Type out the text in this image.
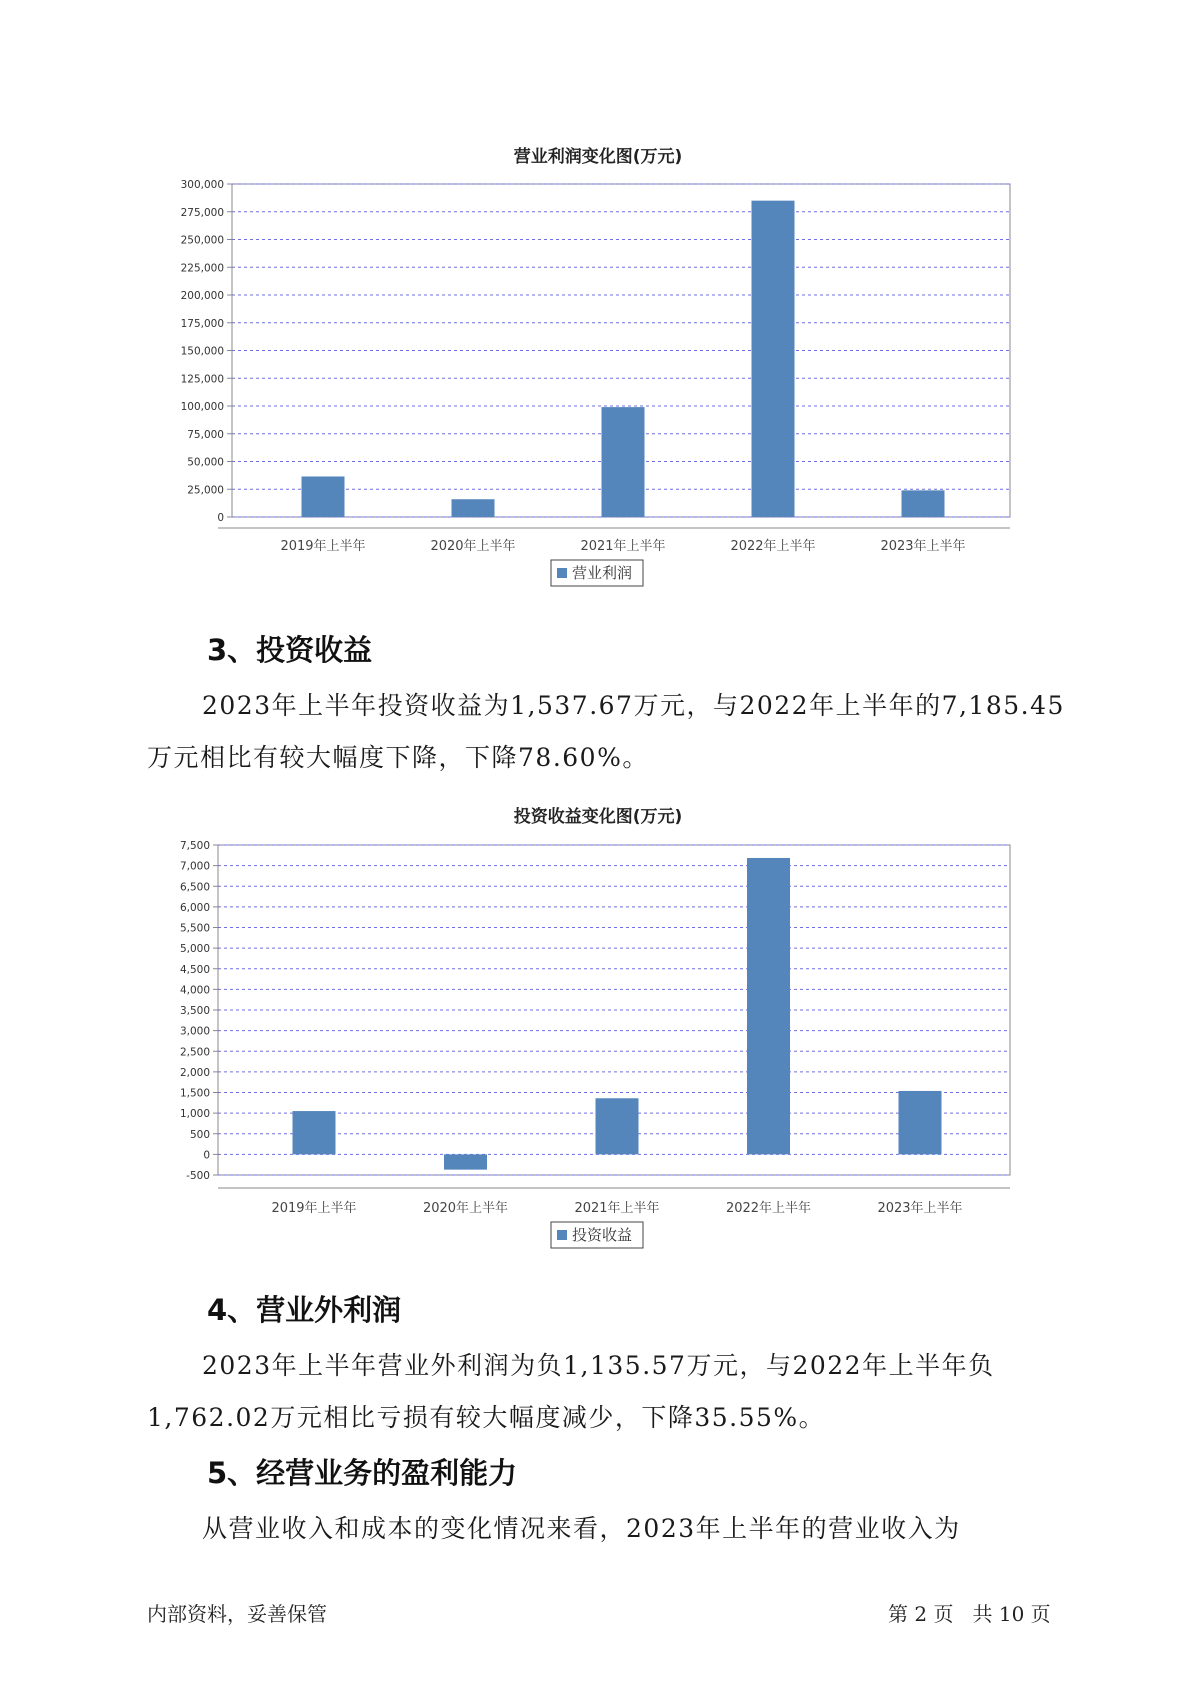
营业利润变化图(万元)
0
25,000
50,000
75,000
100,000
125,000
150,000
175,000
200,000
225,000
250,000
275,000
300,000
2019年上半年	2020年上半年	2021年上半年	2022年上半年	2023年上半年
营业利润
3、投资收益
2023年上半年投资收益为1,537.67万元，与2022年上半年的7,185.45
万元相比有较大幅度下降，下降78.60%。
投资收益变化图(万元)
-500
0
500
1,000
1,500
2,000
2,500
3,000
3,500
4,000
4,500
5,000
5,500
6,000
6,500
7,000
7,500
2019年上半年	2020年上半年	2021年上半年	2022年上半年	2023年上半年
投资收益
4、营业外利润
2023年上半年营业外利润为负1,135.57万元，与2022年上半年负
1,762.02万元相比亏损有较大幅度减少，下降35.55%。
5、经营业务的盈利能力
从营业收入和成本的变化情况来看，2023年上半年的营业收入为
内部资料，妥善保管	第 2 页   共 10 页
